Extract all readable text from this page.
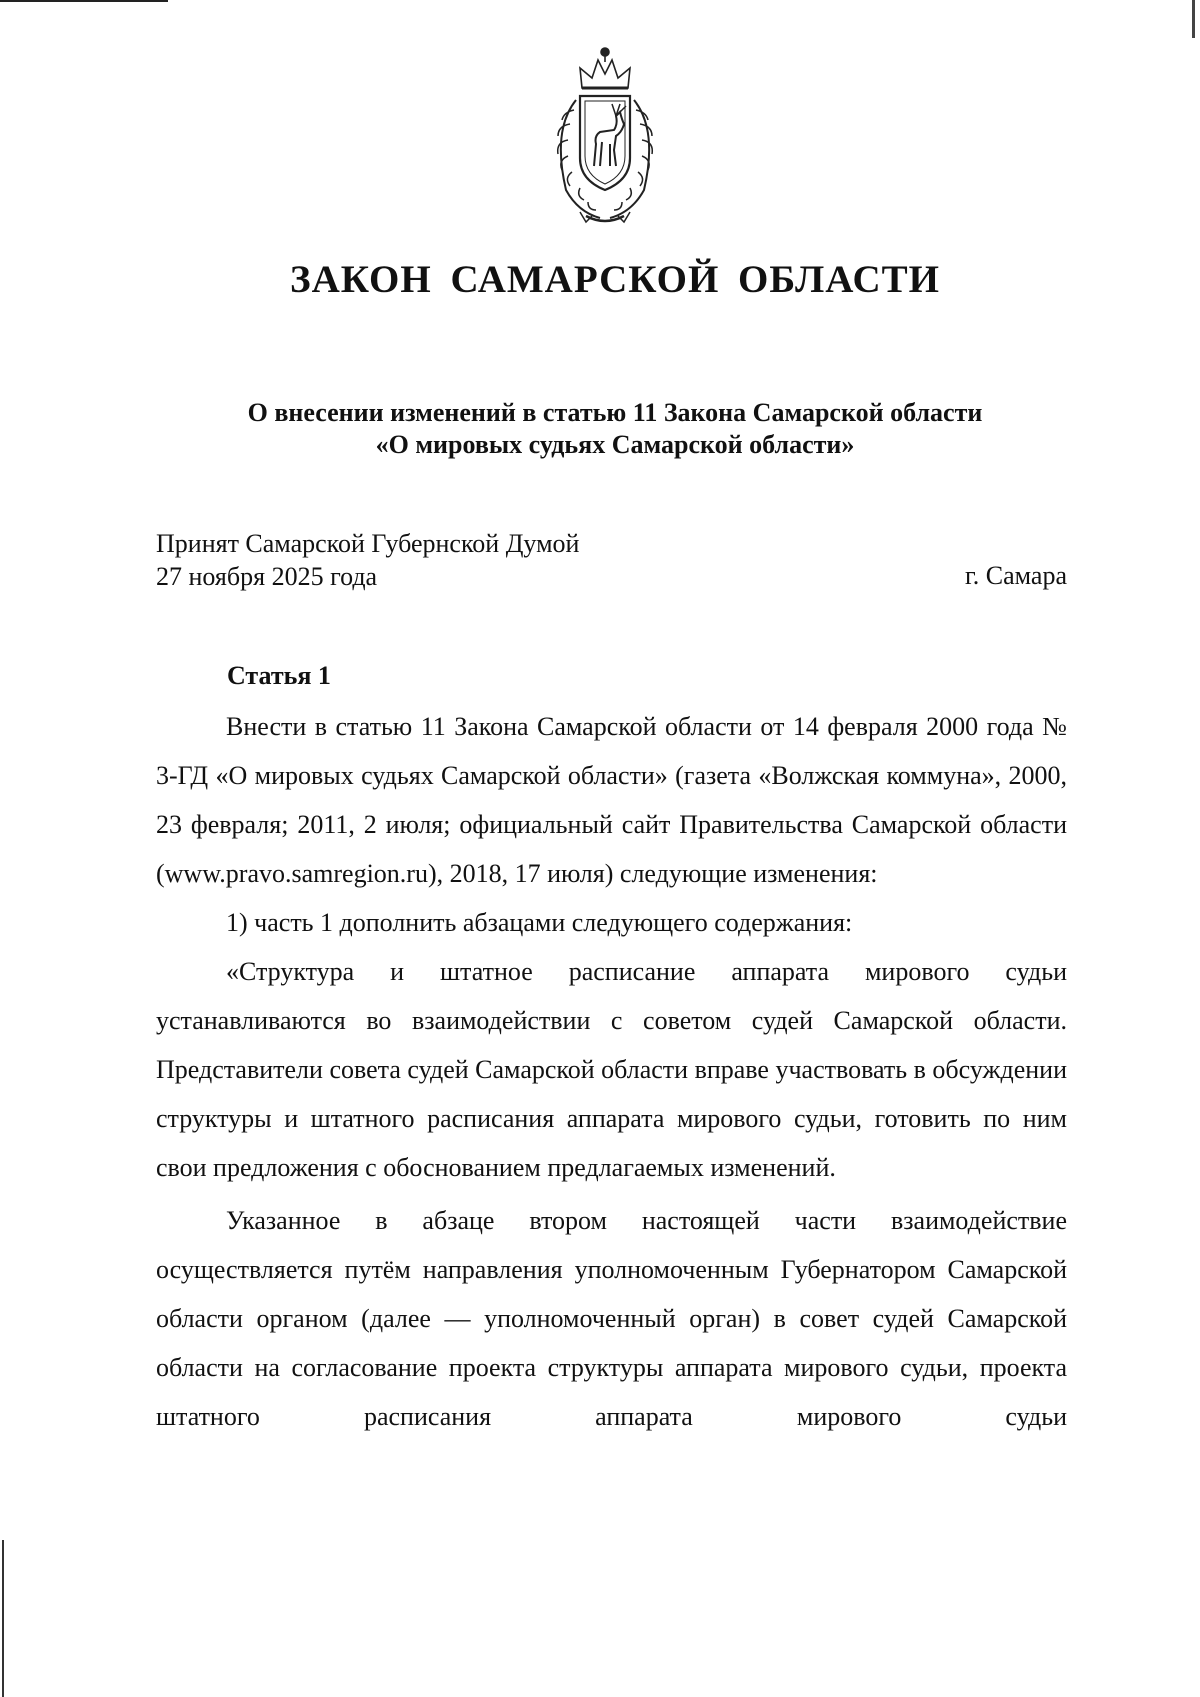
ЗАКОН САМАРСКОЙ ОБЛАСТИ
О внесении изменений в статью 11 Закона Самарской области
«О мировых судьях Самарской области»
Принят Самарской Губернской Думой
27 ноября 2025 года	г. Самара
Статья 1

Внести в статью 11 Закона Самарской области от 14 февраля 2000 года № 3-ГД «О мировых судьях Самарской области» (газета «Волжская коммуна», 2000, 23 февраля; 2011, 2 июля; официальный сайт Правительства Самарской области (www.pravo.samregion.ru), 2018, 17 июля) следующие изменения:

1) часть 1 дополнить абзацами следующего содержания:

«Структура и штатное расписание аппарата мирового судьи устанавливаются во взаимодействии с советом судей Самарской области. Представители совета судей Самарской области вправе участвовать в обсуждении структуры и штатного расписания аппарата мирового судьи, готовить по ним свои предложения с обоснованием предлагаемых изменений.

Указанное в абзаце втором настоящей части взаимодействие осуществляется путём направления уполномоченным Губернатором Самарской области органом (далее — уполномоченный орган) в совет судей Самарской области на согласование проекта структуры аппарата мирового судьи, проекта штатного расписания аппарата мирового судьи
